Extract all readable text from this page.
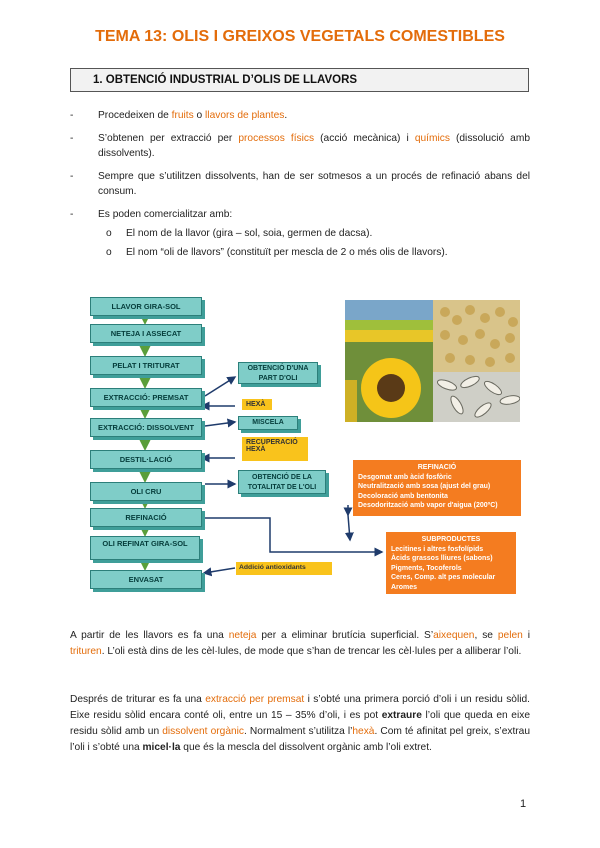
TEMA 13: OLIS I GREIXOS VEGETALS COMESTIBLES
1. OBTENCIÓ INDUSTRIAL D’OLIS DE LLAVORS
- Procedeixen de fruits o llavors de plantes.
- S’obtenen per extracció per processos físics (acció mecànica) i químics (dissolució amb dissolvents).
- Sempre que s’utilitzen dissolvents, han de ser sotmesos a un procés de refinació abans del consum.
- Es poden comercialitzar amb:
o El nom de la llavor (gira – sol, soia, germen de dacsa).
o El nom “oli de llavors” (constituït per mescla de 2 o més olis de llavors).
LLAVOR GIRA-SOL
NETEJA I ASSECAT
PELAT I TRITURAT
EXTRACCIÓ: PREMSAT
EXTRACCIÓ: DISSOLVENT
DESTIL·LACIÓ
OLI CRU
REFINACIÓ
OLI REFINAT GIRA-SOL
ENVASAT
OBTENCIÓ D'UNA PART D'OLI
HEXÀ
MISCELA
RECUPERACIÓ HEXÀ
OBTENCIÓ DE LA TOTALITAT DE L'OLI
REFINACIÓ
Desgomat amb àcid fosfòric
Neutralització amb sosa (ajust del grau)
Decoloració amb bentonita
Desodorització amb vapor d'aigua (200ºC)
SUBPRODUCTES
Lecitines i altres fosfolípids
Àcids grassos lliures (sabons)
Pigments, Tocoferols
Ceres, Comp. alt pes molecular
Aromes
Addició antioxidants
A partir de les llavors es fa una neteja per a eliminar brutícia superficial. S’aixequen, se pelen i trituren. L’oli està dins de les cèl·lules, de mode que s’han de trencar les cèl·lules per a alliberar l’oli.
Després de triturar es fa una extracció per premsat i s’obté una primera porció d’oli i un residu sòlid. Eixe residu sòlid encara conté oli, entre un 15 – 35% d’oli, i es pot extraure l’oli que queda en eixe residu sòlid amb un dissolvent orgànic. Normalment s’utilitza l’hexà. Com té afinitat pel greix, s’extrau l’oli i s’obté una micel·la que és la mescla del dissolvent orgànic amb l’oli extret.
1
